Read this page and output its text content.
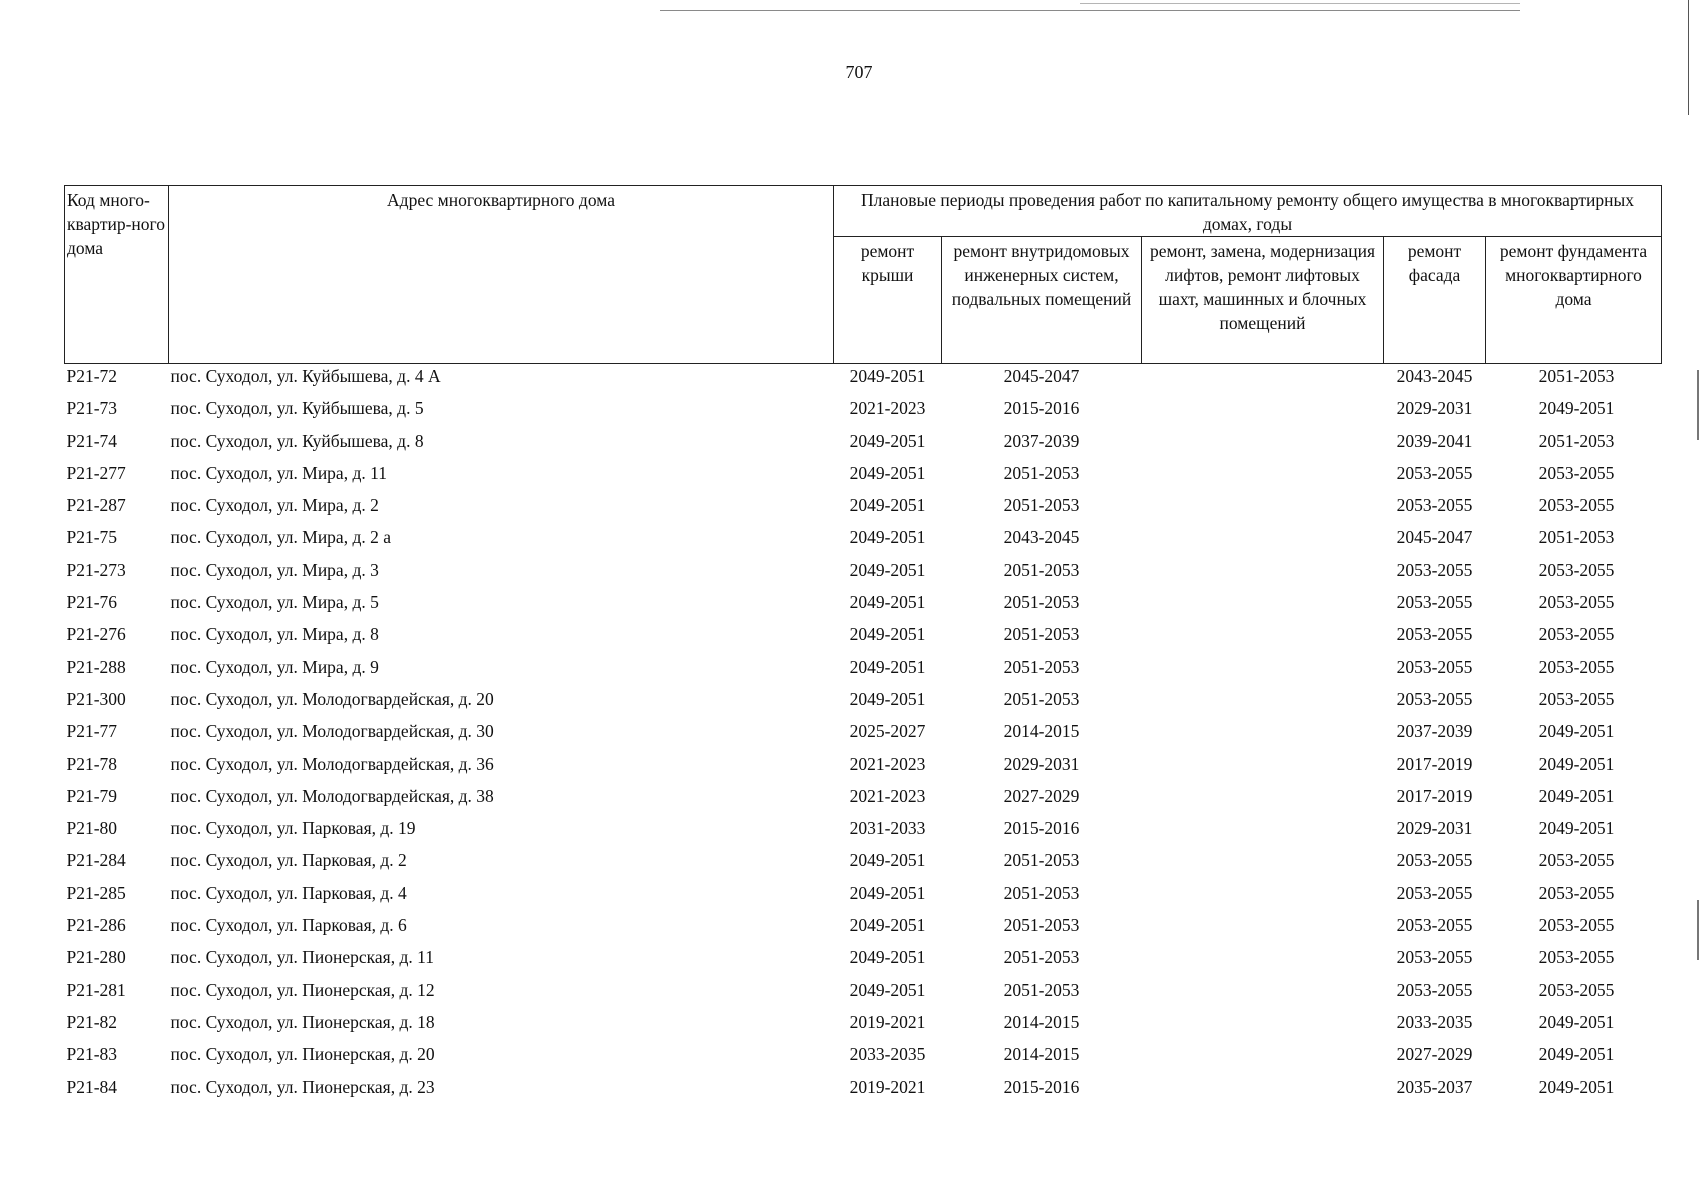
707
Код много-квартир-ного дома	Адрес многоквартирного дома	Плановые периоды проведения работ по капитальному ремонту общего имущества в многоквартирных домах, годы				
		ремонт крыши	ремонт внутридомовых инженерных систем, подвальных помещений	ремонт, замена, модернизация лифтов, ремонт лифтовых шахт, машинных и блочных помещений	ремонт фасада	ремонт фундамента многоквартирного дома
Р21-72	пос. Суходол, ул. Куйбышева, д. 4 А	2049-2051	2045-2047		2043-2045	2051-2053
Р21-73	пос. Суходол, ул. Куйбышева, д. 5	2021-2023	2015-2016		2029-2031	2049-2051
Р21-74	пос. Суходол, ул. Куйбышева, д. 8	2049-2051	2037-2039		2039-2041	2051-2053
Р21-277	пос. Суходол, ул. Мира, д. 11	2049-2051	2051-2053		2053-2055	2053-2055
Р21-287	пос. Суходол, ул. Мира, д. 2	2049-2051	2051-2053		2053-2055	2053-2055
Р21-75	пос. Суходол, ул. Мира, д. 2 а	2049-2051	2043-2045		2045-2047	2051-2053
Р21-273	пос. Суходол, ул. Мира, д. 3	2049-2051	2051-2053		2053-2055	2053-2055
Р21-76	пос. Суходол, ул. Мира, д. 5	2049-2051	2051-2053		2053-2055	2053-2055
Р21-276	пос. Суходол, ул. Мира, д. 8	2049-2051	2051-2053		2053-2055	2053-2055
Р21-288	пос. Суходол, ул. Мира, д. 9	2049-2051	2051-2053		2053-2055	2053-2055
Р21-300	пос. Суходол, ул. Молодогвардейская, д. 20	2049-2051	2051-2053		2053-2055	2053-2055
Р21-77	пос. Суходол, ул. Молодогвардейская, д. 30	2025-2027	2014-2015		2037-2039	2049-2051
Р21-78	пос. Суходол, ул. Молодогвардейская, д. 36	2021-2023	2029-2031		2017-2019	2049-2051
Р21-79	пос. Суходол, ул. Молодогвардейская, д. 38	2021-2023	2027-2029		2017-2019	2049-2051
Р21-80	пос. Суходол, ул. Парковая, д. 19	2031-2033	2015-2016		2029-2031	2049-2051
Р21-284	пос. Суходол, ул. Парковая, д. 2	2049-2051	2051-2053		2053-2055	2053-2055
Р21-285	пос. Суходол, ул. Парковая, д. 4	2049-2051	2051-2053		2053-2055	2053-2055
Р21-286	пос. Суходол, ул. Парковая, д. 6	2049-2051	2051-2053		2053-2055	2053-2055
Р21-280	пос. Суходол, ул. Пионерская, д. 11	2049-2051	2051-2053		2053-2055	2053-2055
Р21-281	пос. Суходол, ул. Пионерская, д. 12	2049-2051	2051-2053		2053-2055	2053-2055
Р21-82	пос. Суходол, ул. Пионерская, д. 18	2019-2021	2014-2015		2033-2035	2049-2051
Р21-83	пос. Суходол, ул. Пионерская, д. 20	2033-2035	2014-2015		2027-2029	2049-2051
Р21-84	пос. Суходол, ул. Пионерская, д. 23	2019-2021	2015-2016		2035-2037	2049-2051
